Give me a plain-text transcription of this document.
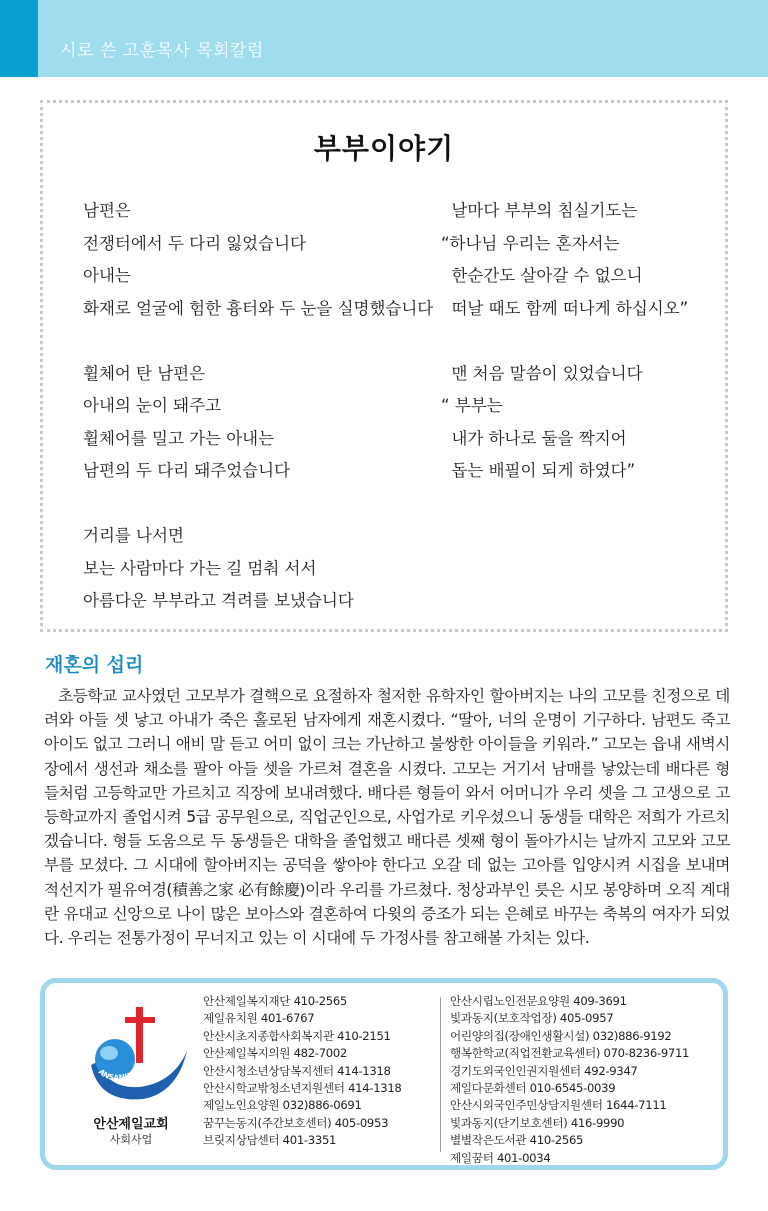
시로 쓴 고훈목사 목회칼럼
부부이야기
남편은
전쟁터에서 두 다리 잃었습니다
아내는
화재로 얼굴에 험한 흉터와 두 눈을 실명했습니다
휠체어 탄 남편은
아내의 눈이 돼주고
휠체어를 밀고 가는 아내는
남편의 두 다리 돼주었습니다
거리를 나서면
보는 사람마다 가는 길 멈춰 서서
아름다운 부부라고 격려를 보냈습니다
날마다 부부의 침실기도는
“하나님 우리는 혼자서는
한순간도 살아갈 수 없으니
떠날 때도 함께 떠나게 하십시오”
맨 처음 말씀이 있었습니다
“ 부부는
내가 하나로 둘을 짝지어
돕는 배필이 되게 하였다”
재혼의 섭리
초등학교 교사였던 고모부가 결핵으로 요절하자 철저한 유학자인 할아버지는 나의 고모를 친정으로 데려와 아들 셋 낳고 아내가 죽은 홀로된 남자에게 재혼시켰다. “딸아, 너의 운명이 기구하다. 남편도 죽고 아이도 없고 그러니 애비 말 듣고 어미 없이 크는 가난하고 불쌍한 아이들을 키워라.” 고모는 읍내 새벽시장에서 생선과 채소를 팔아 아들 셋을 가르쳐 결혼을 시켰다. 고모는 거기서 남매를 낳았는데 배다른 형들처럼 고등학교만 가르치고 직장에 보내려했다. 배다른 형들이 와서 어머니가 우리 셋을 그 고생으로 고등학교까지 졸업시켜 5급 공무원으로, 직업군인으로, 사업가로 키우셨으니 동생들 대학은 저희가 가르치겠습니다. 형들 도움으로 두 동생들은 대학을 졸업했고 배다른 셋째 형이 돌아가시는 날까지 고모와 고모부를 모셨다. 그 시대에 할아버지는 공덕을 쌓아야 한다고 오갈 데 없는 고아를 입양시켜 시집을 보내며 적선지가 필유여경(積善之家 必有餘慶)이라 우리를 가르쳤다. 청상과부인 릇은 시모 봉양하며 오직 계대란 유대교 신앙으로 나이 많은 보아스와 결혼하여 다윗의 증조가 되는 은혜로 바꾸는 축복의 여자가 되었다. 우리는 전통가정이 무너지고 있는 이 시대에 두 가정사를 참고해볼 가치는 있다.
ANSANJEIL CHURCH
안산제일교회
사회사업
안산제일복지재단 410-2565
제일유치원 401-6767
안산시초지종합사회복지관 410-2151
안산제일복지의원 482-7002
안산시청소년상담복지센터 414-1318
안산시학교밖청소년지원센터 414-1318
제일노인요양원 032)886-0691
꿈꾸는동지(주간보호센터) 405-0953
브릿지상담센터 401-3351
안산시립노인전문요양원 409-3691
빛과동지(보호작업장) 405-0957
어린양의집(장애인생활시설) 032)886-9192
행복한학교(직업전환교육센터) 070-8236-9711
경기도외국인인권지원센터 492-9347
제일다문화센터 010-6545-0039
안산시외국인주민상담지원센터 1644-7111
빛과동지(단기보호센터) 416-9990
별별작은도서관 410-2565
제일꿈터 401-0034
